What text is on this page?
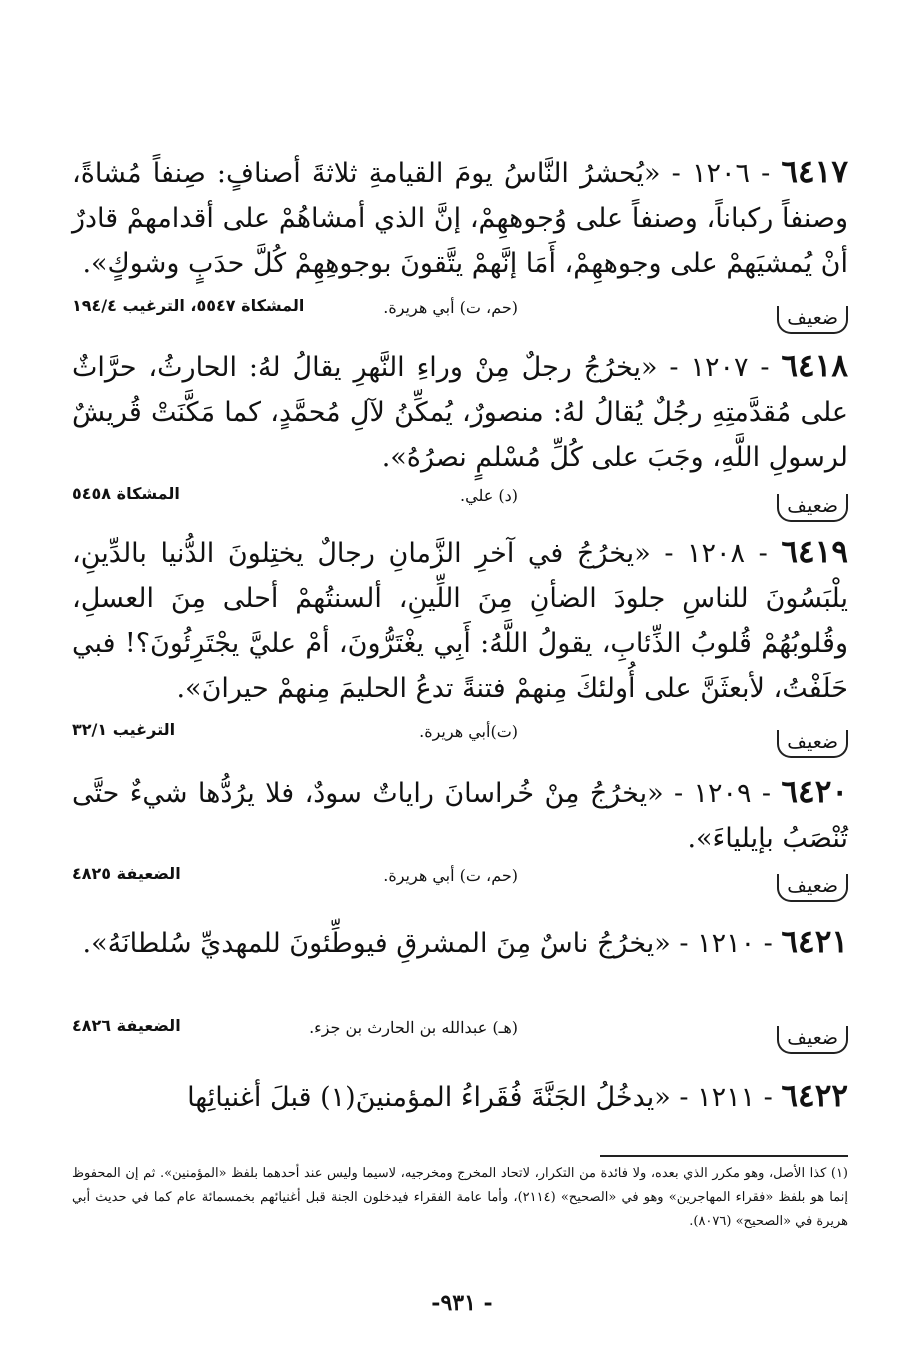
٦٤١٧ - ١٢٠٦ - «يُحشرُ النَّاسُ يومَ القيامةِ ثلاثةَ أصنافٍ: صِنفاً مُشاةً، وصنفاً ركباناً، وصنفاً على وُجوههِمْ، إنَّ الذي أمشاهُمْ على أقدامهمْ قادرٌ أنْ يُمشيَهمْ على وجوههِمْ، أَمَا إنَّهمْ يتَّقونَ بوجوهِهِمْ كُلَّ حدَبٍ وشوكٍ».
ضعيف
(حم، ت) أبي هريرة.
المشكاة ٥٥٤٧، الترغيب ١٩٤/٤
٦٤١٨ - ١٢٠٧ - «يخرُجُ رجلٌ مِنْ وراءِ النَّهرِ يقالُ لهُ: الحارثُ، حرَّاثٌ على مُقدَّمتِهِ رجُلٌ يُقالُ لهُ: منصورٌ، يُمكِّنُ لآلِ مُحمَّدٍ، كما مَكَّنَتْ قُريشٌ لرسولِ اللَّهِ، وجَبَ على كُلِّ مُسْلمٍ نصرُهُ».
ضعيف
(د) علي.
المشكاة ٥٤٥٨
٦٤١٩ - ١٢٠٨ - «يخرُجُ في آخرِ الزَّمانِ رجالٌ يختِلونَ الدُّنيا بالدِّينِ، يلْبَسُونَ للناسِ جلودَ الضأنِ مِنَ اللِّينِ، ألسنتُهمْ أحلى مِنَ العسلِ، وقُلوبُهُمْ قُلوبُ الذِّئابِ، يقولُ اللَّهُ: أَبِي يغْتَرُّونَ، أمْ عليَّ يجْتَرِئُونَ؟! فبي حَلَفْتُ، لأبعثَنَّ على أُولئكَ مِنهمْ فتنةً تدعُ الحليمَ مِنهمْ حيرانَ».
ضعيف
(ت)أبي هريرة.
الترغيب ٣٢/١
٦٤٢٠ - ١٢٠٩ - «يخرُجُ مِنْ خُراسانَ راياتٌ سودٌ، فلا يرُدُّها شيءٌ حتَّى تُنْصَبُ بإيلياءَ».
ضعيف
(حم، ت) أبي هريرة.
الضعيفة ٤٨٢٥
٦٤٢١ - ١٢١٠ - «يخرُجُ ناسٌ مِنَ المشرقِ فيوطِّئونَ للمهديِّ سُلطانَهُ».
ضعيف
(هـ) عبدالله بن الحارث بن جزء.
الضعيفة ٤٨٢٦
٦٤٢٢ - ١٢١١ - «يدخُلُ الجَنَّةَ فُقَراءُ المؤمنينَ(١) قبلَ أغنيائِها
(١) كذا الأصل، وهو مكرر الذي بعده، ولا فائدة من التكرار، لاتحاد المخرج ومخرجيه، لاسيما وليس عند أحدهما بلفظ «المؤمنين». ثم إن المحفوظ إنما هو بلفظ «فقراء المهاجرين» وهو في «الصحيح» (٢١١٤)، وأما عامة الفقراء فيدخلون الجنة قبل أغنيائهم بخمسمائة عام كما في حديث أبي هريرة في «الصحيح» (٨٠٧٦).
- ٩٣١-
